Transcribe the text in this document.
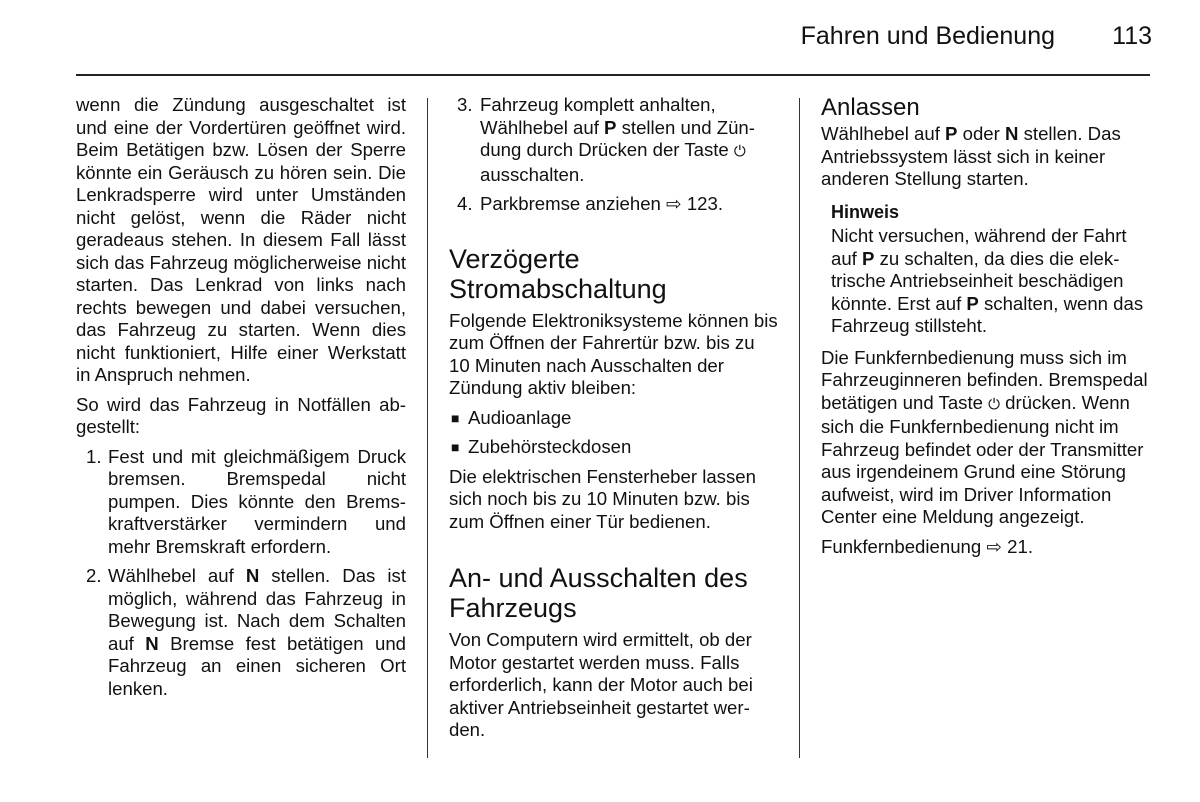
Fahren und Bedienung 113

wenn die Zündung ausgeschaltet ist und eine der Vordertüren geöffnet wird. Beim Betätigen bzw. Lösen der Sperre könnte ein Geräusch zu hören sein. Die Lenkradsperre wird unter Umständen nicht gelöst, wenn die Räder nicht geradeaus stehen. In diesem Fall lässt sich das Fahrzeug möglicherweise nicht starten. Das Lenkrad von links nach rechts bewegen und dabei versuchen, das Fahrzeug zu starten. Wenn dies nicht funktioniert, Hilfe einer Werkstatt in Anspruch nehmen.

So wird das Fahrzeug in Notfällen abgestellt:

1. Fest und mit gleichmäßigem Druck bremsen. Bremspedal nicht pumpen. Dies könnte den Bremskraftverstärker vermindern und mehr Bremskraft erfordern.
2. Wählhebel auf N stellen. Das ist möglich, während das Fahrzeug in Bewegung ist. Nach dem Schalten auf N Bremse fest betätigen und Fahrzeug an einen sicheren Ort lenken.
3. Fahrzeug komplett anhalten, Wählhebel auf P stellen und Zündung durch Drücken der Taste ⏻ ausschalten.
4. Parkbremse anziehen ⇨ 123.
Verzögerte Stromabschaltung

Folgende Elektroniksysteme können bis zum Öffnen der Fahrertür bzw. bis zu 10 Minuten nach Ausschalten der Zündung aktiv bleiben:

■ Audioanlage
■ Zubehörsteckdosen

Die elektrischen Fensterheber lassen sich noch bis zu 10 Minuten bzw. bis zum Öffnen einer Tür bedienen.

An- und Ausschalten des Fahrzeugs

Von Computern wird ermittelt, ob der Motor gestartet werden muss. Falls erforderlich, kann der Motor auch bei aktiver Antriebseinheit gestartet werden.

Anlassen

Wählhebel auf P oder N stellen. Das Antriebssystem lässt sich in keiner anderen Stellung starten.

Hinweis
Nicht versuchen, während der Fahrt auf P zu schalten, da dies die elektrische Antriebseinheit beschädigen könnte. Erst auf P schalten, wenn das Fahrzeug stillsteht.

Die Funkfernbedienung muss sich im Fahrzeuginneren befinden. Bremspedal betätigen und Taste ⏻ drücken. Wenn sich die Funkfernbedienung nicht im Fahrzeug befindet oder der Transmitter aus irgendeinem Grund eine Störung aufweist, wird im Driver Information Center eine Meldung angezeigt.

Funkfernbedienung ⇨ 21.
